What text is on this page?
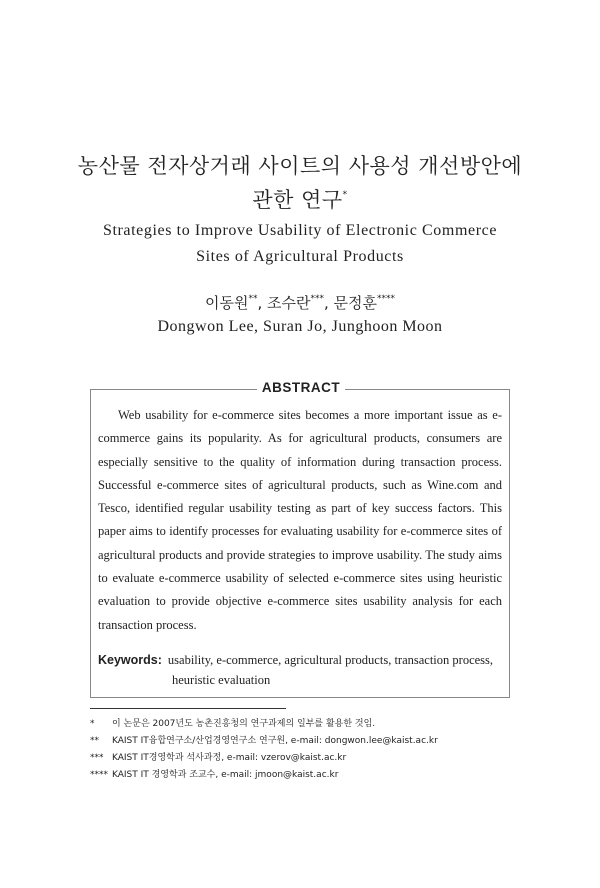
농산물 전자상거래 사이트의 사용성 개선방안에
관한 연구*
Strategies to Improve Usability of Electronic Commerce
Sites of Agricultural Products
이동원**, 조수란***, 문정훈****
Dongwon Lee, Suran Jo, Junghoon Moon
ABSTRACT
Web usability for e-commerce sites becomes a more important issue as e-commerce gains its popularity. As for agricultural products, consumers are especially sensitive to the quality of information during transaction process. Successful e-commerce sites of agricultural products, such as Wine.com and Tesco, identified regular usability testing as part of key success factors. This paper aims to identify processes for evaluating usability for e-commerce sites of agricultural products and provide strategies to improve usability. The study aims to evaluate e-commerce usability of selected e-commerce sites using heuristic evaluation to provide objective e-commerce sites usability analysis for each transaction process.
Keywords: usability, e-commerce, agricultural products, transaction process,
heuristic evaluation
*	이 논문은 2007년도 농촌진흥청의 연구과제의 일부를 활용한 것임.
**	KAIST IT융합연구소/산업경영연구소 연구원, e-mail: dongwon.lee@kaist.ac.kr
*** KAIST IT경영학과 석사과정, e-mail: vzerov@kaist.ac.kr
**** KAIST IT 경영학과 조교수, e-mail: jmoon@kaist.ac.kr
